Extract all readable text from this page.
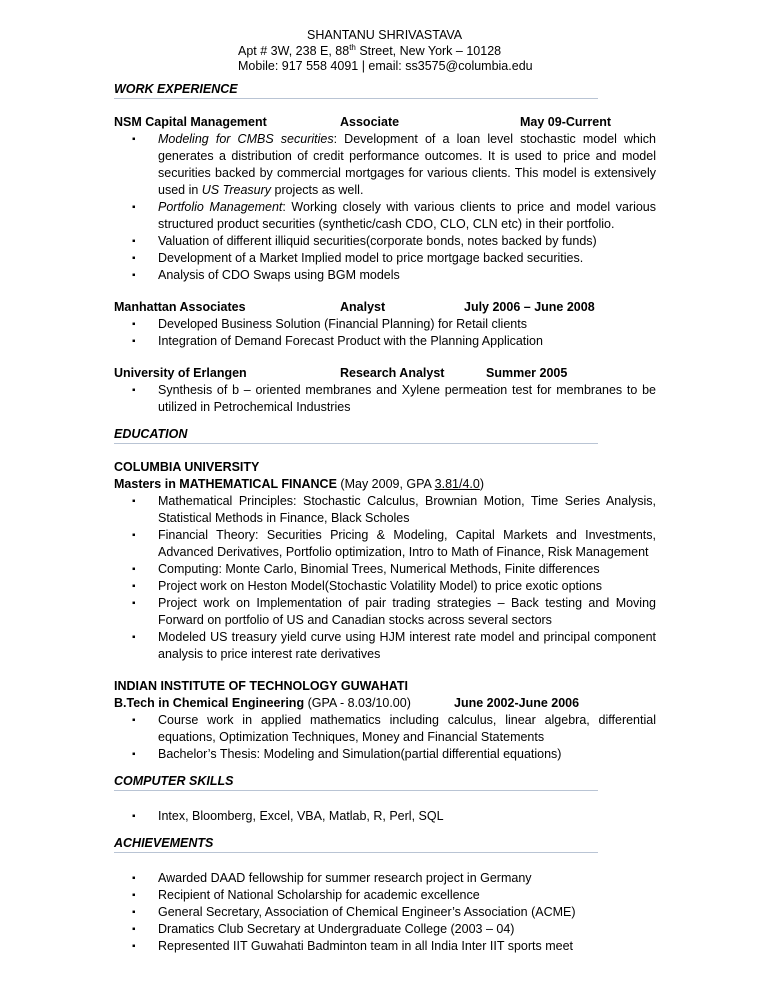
SHANTANU SHRIVASTAVA
Apt # 3W, 238 E, 88th Street, New York – 10128
Mobile: 917 558 4091 | email: ss3575@columbia.edu
WORK EXPERIENCE
NSM Capital Management	Associate	May 09-Current
▪ Modeling for CMBS securities: Development of a loan level stochastic model which generates a distribution of credit performance outcomes. It is used to price and model securities backed by commercial mortgages for various clients. This model is extensively used in US Treasury projects as well.
▪ Portfolio Management: Working closely with various clients to price and model various structured product securities (synthetic/cash CDO, CLO, CLN etc) in their portfolio.
▪ Valuation of different illiquid securities(corporate bonds, notes backed by funds)
▪ Development of a Market Implied model to price mortgage backed securities.
▪ Analysis of CDO Swaps using BGM models
Manhattan Associates	Analyst	July 2006 – June 2008
▪ Developed Business Solution (Financial Planning) for Retail clients
▪ Integration of Demand Forecast Product with the Planning Application
University of Erlangen	Research Analyst	Summer 2005
▪ Synthesis of b – oriented membranes and Xylene permeation test for membranes to be utilized in Petrochemical Industries
EDUCATION
COLUMBIA UNIVERSITY
Masters in MATHEMATICAL FINANCE (May 2009, GPA 3.81/4.0)
▪ Mathematical Principles: Stochastic Calculus, Brownian Motion, Time Series Analysis, Statistical Methods in Finance, Black Scholes
▪ Financial Theory: Securities Pricing & Modeling, Capital Markets and Investments, Advanced Derivatives, Portfolio optimization, Intro to Math of Finance, Risk Management
▪ Computing: Monte Carlo, Binomial Trees, Numerical Methods, Finite differences
▪ Project work on Heston Model(Stochastic Volatility Model) to price exotic options
▪ Project work on Implementation of pair trading strategies – Back testing and Moving Forward on portfolio of US and Canadian stocks across several sectors
▪ Modeled US treasury yield curve using HJM interest rate model and principal component analysis to price interest rate derivatives
INDIAN INSTITUTE OF TECHNOLOGY GUWAHATI
B.Tech in Chemical Engineering (GPA - 8.03/10.00)	June 2002-June 2006
▪ Course work in applied mathematics including calculus, linear algebra, differential equations, Optimization Techniques, Money and Financial Statements
▪ Bachelor’s Thesis: Modeling and Simulation(partial differential equations)
COMPUTER SKILLS
▪ Intex, Bloomberg, Excel, VBA, Matlab, R, Perl, SQL
ACHIEVEMENTS
▪ Awarded DAAD fellowship for summer research project in Germany
▪ Recipient of National Scholarship for academic excellence
▪ General Secretary, Association of Chemical Engineer’s Association (ACME)
▪ Dramatics Club Secretary at Undergraduate College (2003 – 04)
▪ Represented IIT Guwahati Badminton team in all India Inter IIT sports meet
